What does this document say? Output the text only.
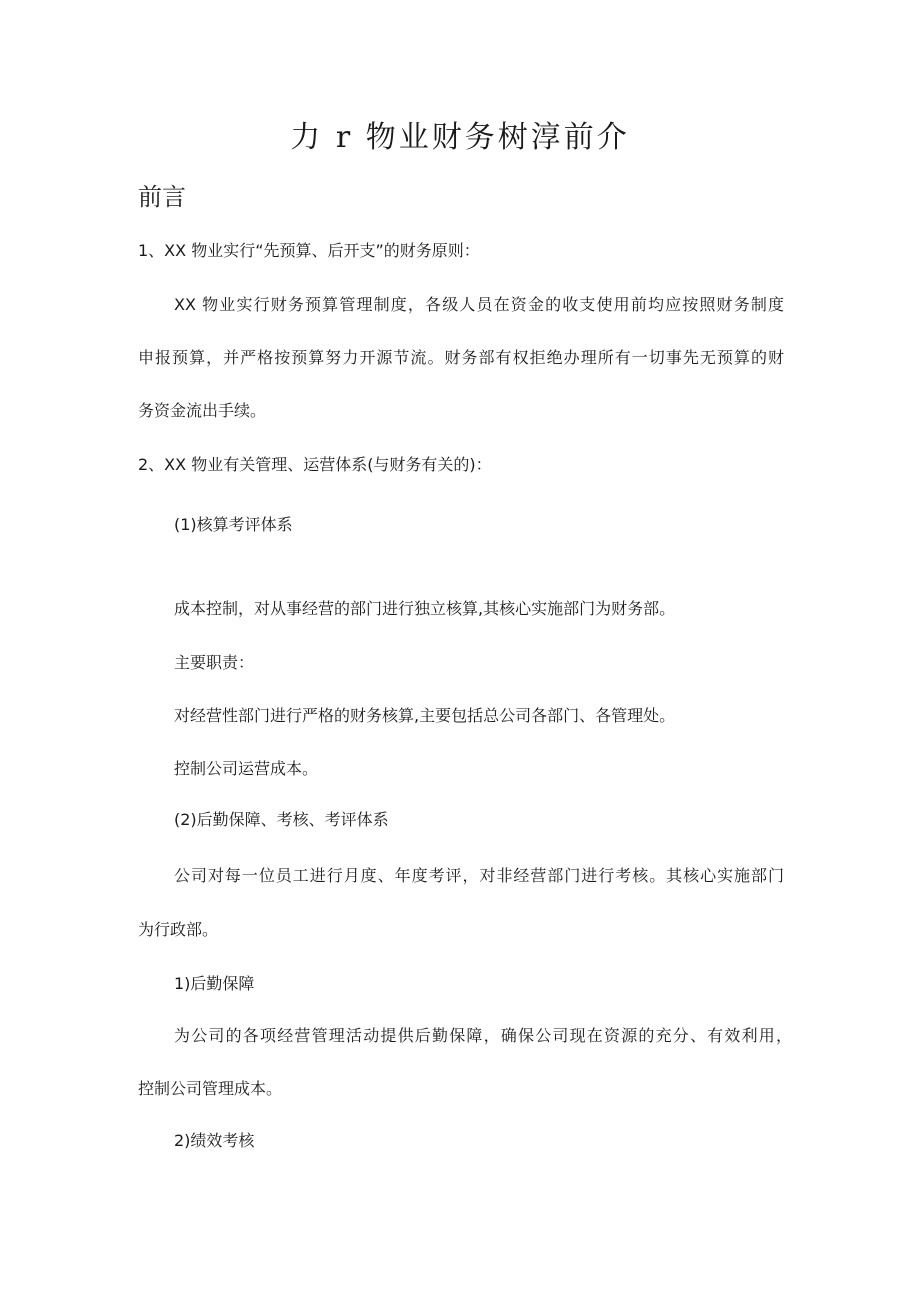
力 r 物业财务树淳前介
前言
1、XX 物业实行“先预算、后开支”的财务原则：
XX 物业实行财务预算管理制度，各级人员在资金的收支使用前均应按照财务制度
申报预算，并严格按预算努力开源节流。财务部有权拒绝办理所有一切事先无预算的财
务资金流出手续。
2、XX 物业有关管理、运营体系(与财务有关的)：
(1)核算考评体系
成本控制，对从事经营的部门进行独立核算,其核心实施部门为财务部。
主要职责：
对经营性部门进行严格的财务核算,主要包括总公司各部门、各管理处。
控制公司运营成本。
(2)后勤保障、考核、考评体系
公司对每一位员工进行月度、年度考评，对非经营部门进行考核。其核心实施部门
为行政部。
1)后勤保障
为公司的各项经营管理活动提供后勤保障，确保公司现在资源的充分、有效利用，
控制公司管理成本。
2)绩效考核
